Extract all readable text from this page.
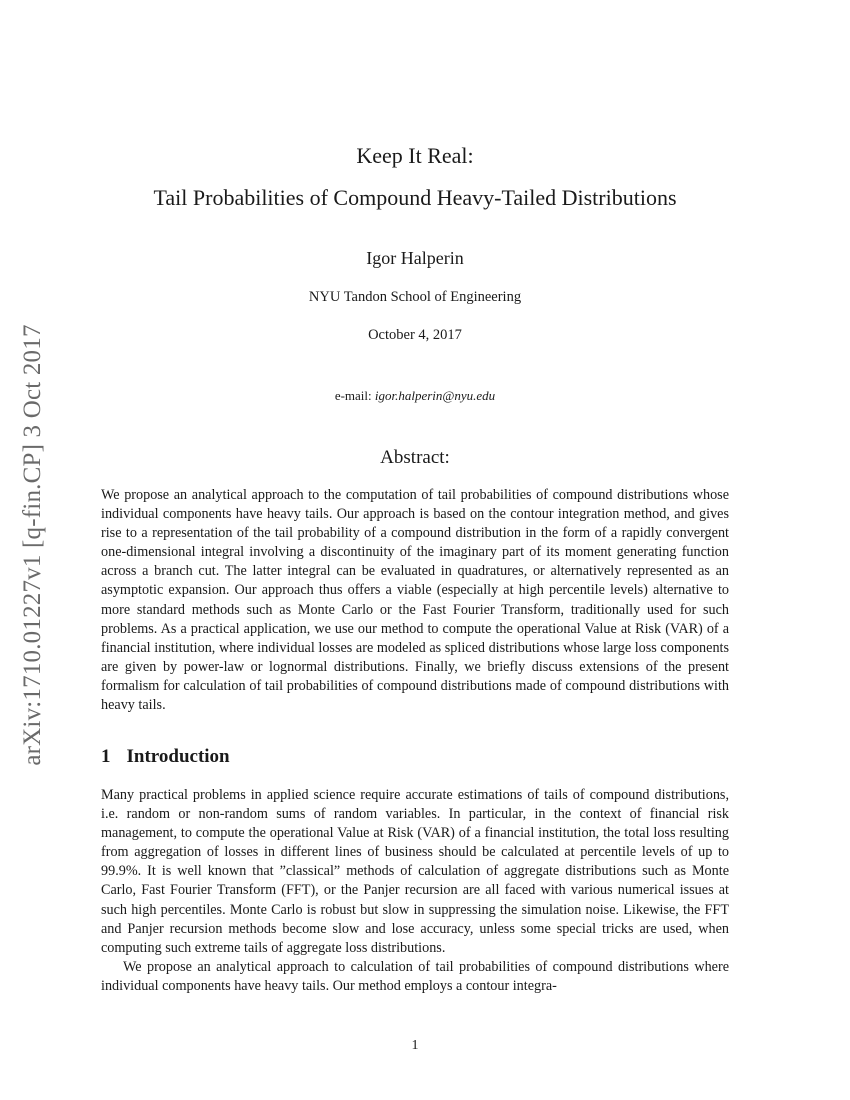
arXiv:1710.01227v1 [q-fin.CP] 3 Oct 2017
Keep It Real:
Tail Probabilities of Compound Heavy-Tailed Distributions
Igor Halperin
NYU Tandon School of Engineering
October 4, 2017
e-mail: igor.halperin@nyu.edu
Abstract:

We propose an analytical approach to the computation of tail probabilities of compound distributions whose individual components have heavy tails. Our approach is based on the contour integration method, and gives rise to a representation of the tail probability of a compound distribution in the form of a rapidly convergent one-dimensional integral involving a discontinuity of the imaginary part of its moment generating function across a branch cut. The latter integral can be evaluated in quadratures, or alternatively represented as an asymptotic expansion. Our approach thus offers a viable (especially at high percentile levels) alternative to more standard methods such as Monte Carlo or the Fast Fourier Transform, traditionally used for such problems. As a practical application, we use our method to compute the operational Value at Risk (VAR) of a financial institution, where individual losses are modeled as spliced distributions whose large loss components are given by power-law or lognormal distributions. Finally, we briefly discuss extensions of the present formalism for calculation of tail probabilities of compound distributions made of compound distributions with heavy tails.

1 Introduction

Many practical problems in applied science require accurate estimations of tails of compound distributions, i.e. random or non-random sums of random variables. In particular, in the context of financial risk management, to compute the operational Value at Risk (VAR) of a financial institution, the total loss resulting from aggregation of losses in different lines of business should be calculated at percentile levels of up to 99.9%. It is well known that ”classical” methods of calculation of aggregate distributions such as Monte Carlo, Fast Fourier Transform (FFT), or the Panjer recursion are all faced with various numerical issues at such high percentiles. Monte Carlo is robust but slow in suppressing the simulation noise. Likewise, the FFT and Panjer recursion methods become slow and lose accuracy, unless some special tricks are used, when computing such extreme tails of aggregate loss distributions.

We propose an analytical approach to calculation of tail probabilities of compound distributions where individual components have heavy tails. Our method employs a contour integra-

1
